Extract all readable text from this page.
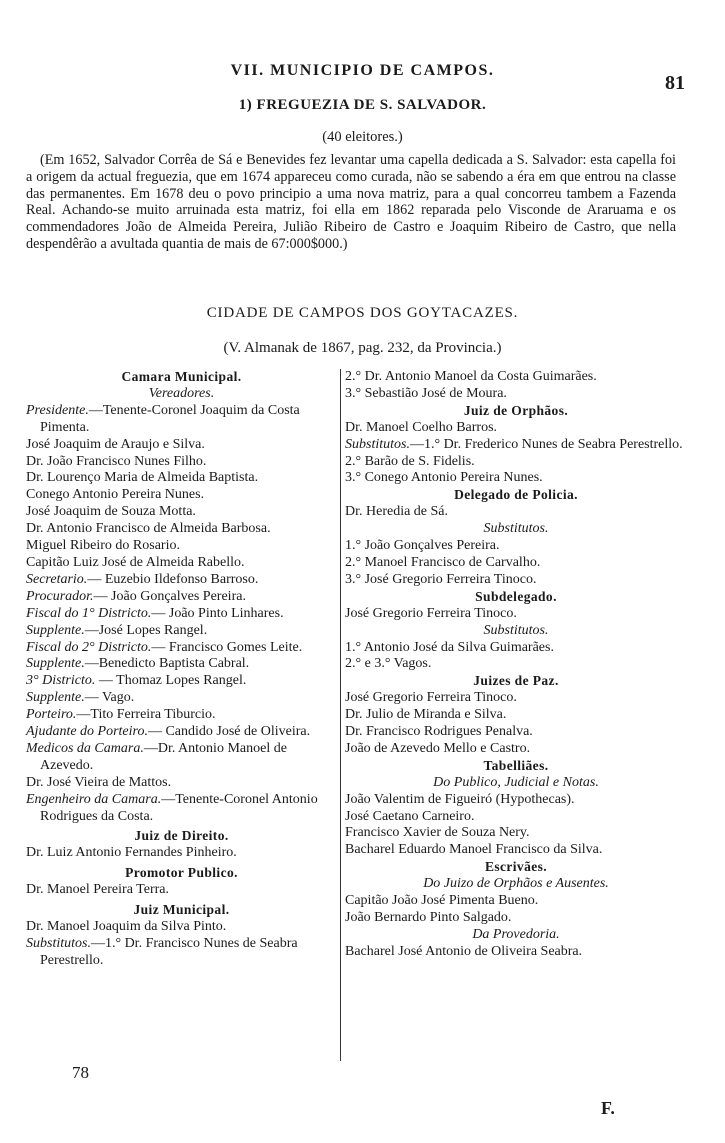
VII. MUNICIPIO DE CAMPOS.
81
1) FREGUEZIA DE S. SALVADOR.
(40 eleitores.)

(Em 1652, Salvador Corrêa de Sá e Benevides fez levantar uma capella dedicada a S. Salvador: esta capella foi a origem da actual freguezia, que em 1674 appareceu como curada, não se sabendo a éra em que entrou na classe das permanentes. Em 1678 deu o povo principio a uma nova matriz, para a qual concorreu tambem a Fazenda Real. Achando-se muito arruinada esta matriz, foi ella em 1862 reparada pelo Visconde de Araruama e os commendadores João de Almeida Pereira, Julião Ribeiro de Castro e Joaquim Ribeiro de Castro, que nella despendêrão a avultada quantia de mais de 67:000$000.)

CIDADE DE CAMPOS DOS GOYTACAZES.
(V. Almanak de 1867, pag. 232, da Provincia.)
Camara Municipal.
Vereadores.
Presidente.—Tenente-Coronel Joaquim da Costa Pimenta.
José Joaquim de Araujo e Silva.
Dr. João Francisco Nunes Filho.
Dr. Lourenço Maria de Almeida Baptista.
Conego Antonio Pereira Nunes.
José Joaquim de Souza Motta.
Dr. Antonio Francisco de Almeida Barbosa.
Miguel Ribeiro do Rosario.
Capitão Luiz José de Almeida Rabello.
Secretario.— Euzebio Ildefonso Barroso.
Procurador.— João Gonçalves Pereira.
Fiscal do 1° Districto.— João Pinto Linhares.
Supplente.—José Lopes Rangel.
Fiscal do 2° Districto.— Francisco Gomes Leite.
Supplente.—Benedicto Baptista Cabral.
3° Districto. — Thomaz Lopes Rangel.
Supplente.— Vago.
Porteiro.—Tito Ferreira Tiburcio.
Ajudante do Porteiro.— Candido José de Oliveira.
Medicos da Camara.—Dr. Antonio Manoel de Azevedo.
Dr. José Vieira de Mattos.
Engenheiro da Camara.—Tenente-Coronel Antonio Rodrigues da Costa.
Juiz de Direito.
Dr. Luiz Antonio Fernandes Pinheiro.
Promotor Publico.
Dr. Manoel Pereira Terra.
Juiz Municipal.
Dr. Manoel Joaquim da Silva Pinto.
Substitutos.—1.° Dr. Francisco Nunes de Seabra Perestrello.
2.° Dr. Antonio Manoel da Costa Guimarães.
3.° Sebastião José de Moura.
Juiz de Orphãos.
Dr. Manoel Coelho Barros.
Substitutos.—1.° Dr. Frederico Nunes de Seabra Perestrello.
2.° Barão de S. Fidelis.
3.° Conego Antonio Pereira Nunes.
Delegado de Policia.
Dr. Heredia de Sá.
Substitutos.
1.° João Gonçalves Pereira.
2.° Manoel Francisco de Carvalho.
3.° José Gregorio Ferreira Tinoco.
Subdelegado.
José Gregorio Ferreira Tinoco.
Substitutos.
1.° Antonio José da Silva Guimarães.
2.° e 3.° Vagos.
Juizes de Paz.
José Gregorio Ferreira Tinoco.
Dr. Julio de Miranda e Silva.
Dr. Francisco Rodrigues Penalva.
João de Azevedo Mello e Castro.
Tabelliães.
Do Publico, Judicial e Notas.
João Valentim de Figueiró (Hypothecas).
José Caetano Carneiro.
Francisco Xavier de Souza Nery.
Bacharel Eduardo Manoel Francisco da Silva.
Escrivães.
Do Juizo de Orphãos e Ausentes.
Capitão João José Pimenta Bueno.
João Bernardo Pinto Salgado.
Da Provedoria.
Bacharel José Antonio de Oliveira Seabra.
78
F.
